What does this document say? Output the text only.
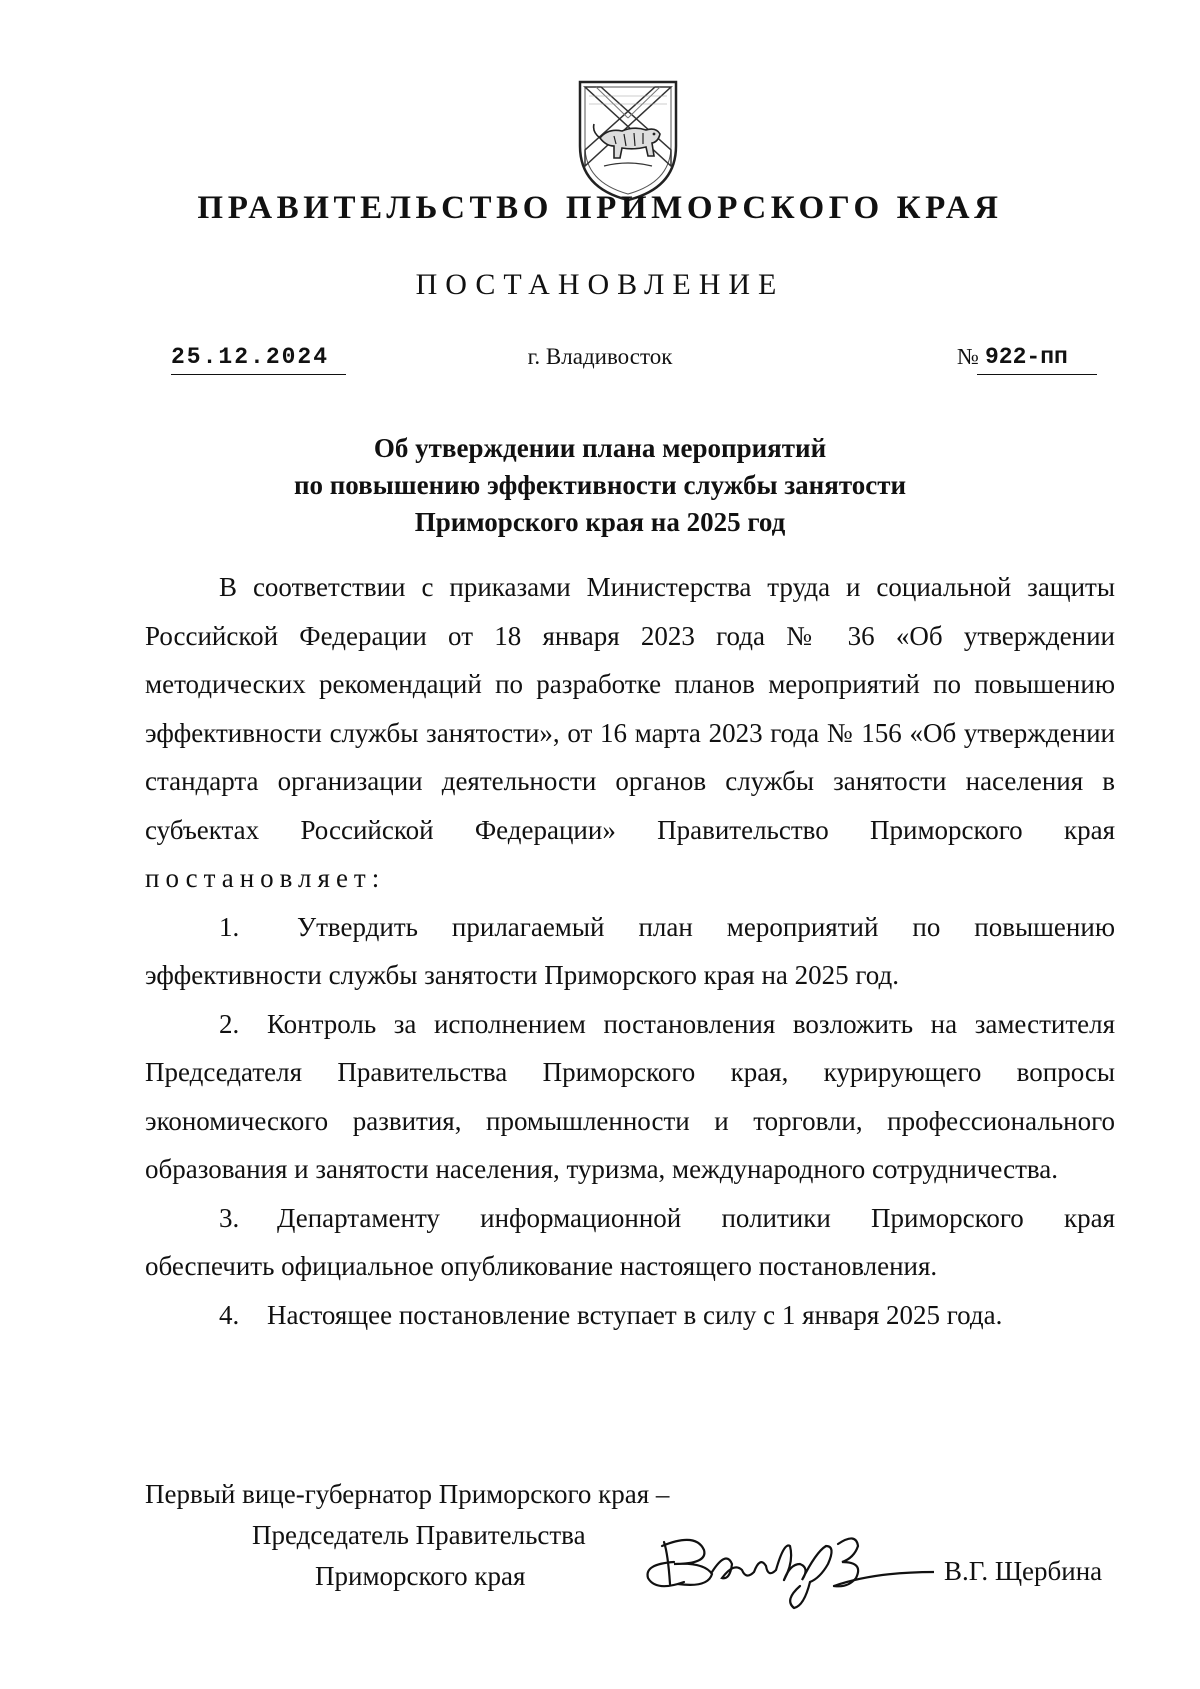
ПРАВИТЕЛЬСТВО ПРИМОРСКОГО КРАЯ
ПОСТАНОВЛЕНИЕ
25.12.2024	г. Владивосток	№ 922-пп
Об утверждении плана мероприятий
по повышению эффективности службы занятости
Приморского края на 2025 год

В соответствии с приказами Министерства труда и социальной защиты Российской Федерации от 18 января 2023 года № 36 «Об утверждении методических рекомендаций по разработке планов мероприятий по повышению эффективности службы занятости», от 16 марта 2023 года № 156 «Об утверждении стандарта организации деятельности органов службы занятости населения в субъектах Российской Федерации» Правительство Приморского края постановляет:

1. Утвердить прилагаемый план мероприятий по повышению эффективности службы занятости Приморского края на 2025 год.

2. Контроль за исполнением постановления возложить на заместителя Председателя Правительства Приморского края, курирующего вопросы экономического развития, промышленности и торговли, профессионального образования и занятости населения, туризма, международного сотрудничества.

3. Департаменту информационной политики Приморского края обеспечить официальное опубликование настоящего постановления.

4. Настоящее постановление вступает в силу с 1 января 2025 года.

Первый вице-губернатор Приморского края –
Председатель Правительства
Приморского края	В.Г. Щербина
